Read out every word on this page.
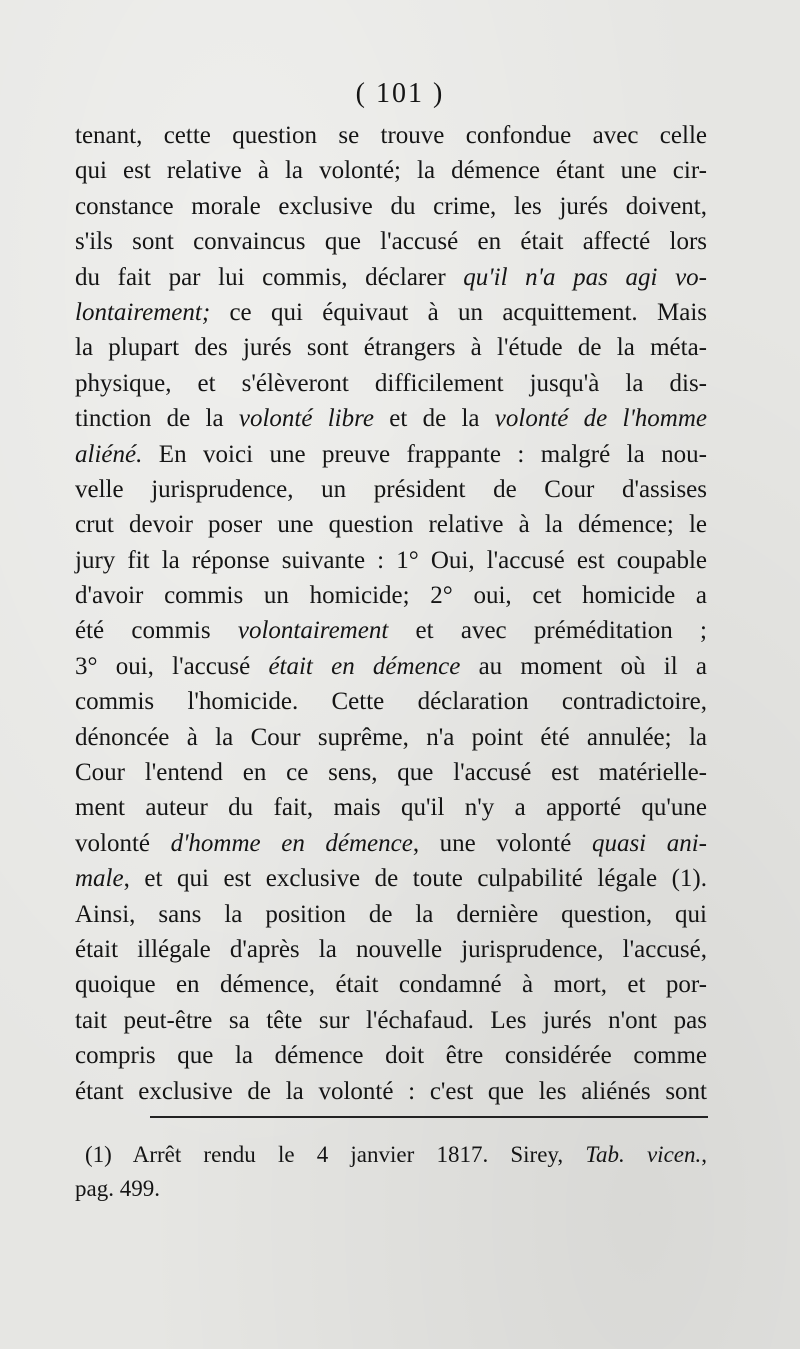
( 101 )
tenant, cette question se trouve confondue avec celle
qui est relative à la volonté; la démence étant une cir-
constance morale exclusive du crime, les jurés doivent,
s'ils sont convaincus que l'accusé en était affecté lors
du fait par lui commis, déclarer qu'il n'a pas agi vo-
lontairement; ce qui équivaut à un acquittement. Mais
la plupart des jurés sont étrangers à l'étude de la méta-
physique, et s'élèveront difficilement jusqu'à la dis-
tinction de la volonté libre et de la volonté de l'homme
aliéné. En voici une preuve frappante : malgré la nou-
velle jurisprudence, un président de Cour d'assises
crut devoir poser une question relative à la démence; le
jury fit la réponse suivante : 1° Oui, l'accusé est coupable
d'avoir commis un homicide; 2° oui, cet homicide a
été commis volontairement et avec préméditation ;
3° oui, l'accusé était en démence au moment où il a
commis l'homicide. Cette déclaration contradictoire,
dénoncée à la Cour suprême, n'a point été annulée; la
Cour l'entend en ce sens, que l'accusé est matérielle-
ment auteur du fait, mais qu'il n'y a apporté qu'une
volonté d'homme en démence, une volonté quasi ani-
male, et qui est exclusive de toute culpabilité légale (1).
Ainsi, sans la position de la dernière question, qui
était illégale d'après la nouvelle jurisprudence, l'accusé,
quoique en démence, était condamné à mort, et por-
tait peut-être sa tête sur l'échafaud. Les jurés n'ont pas
compris que la démence doit être considérée comme
étant exclusive de la volonté : c'est que les aliénés sont
(1) Arrêt rendu le 4 janvier 1817. Sirey, Tab. vicen.,
pag. 499.
